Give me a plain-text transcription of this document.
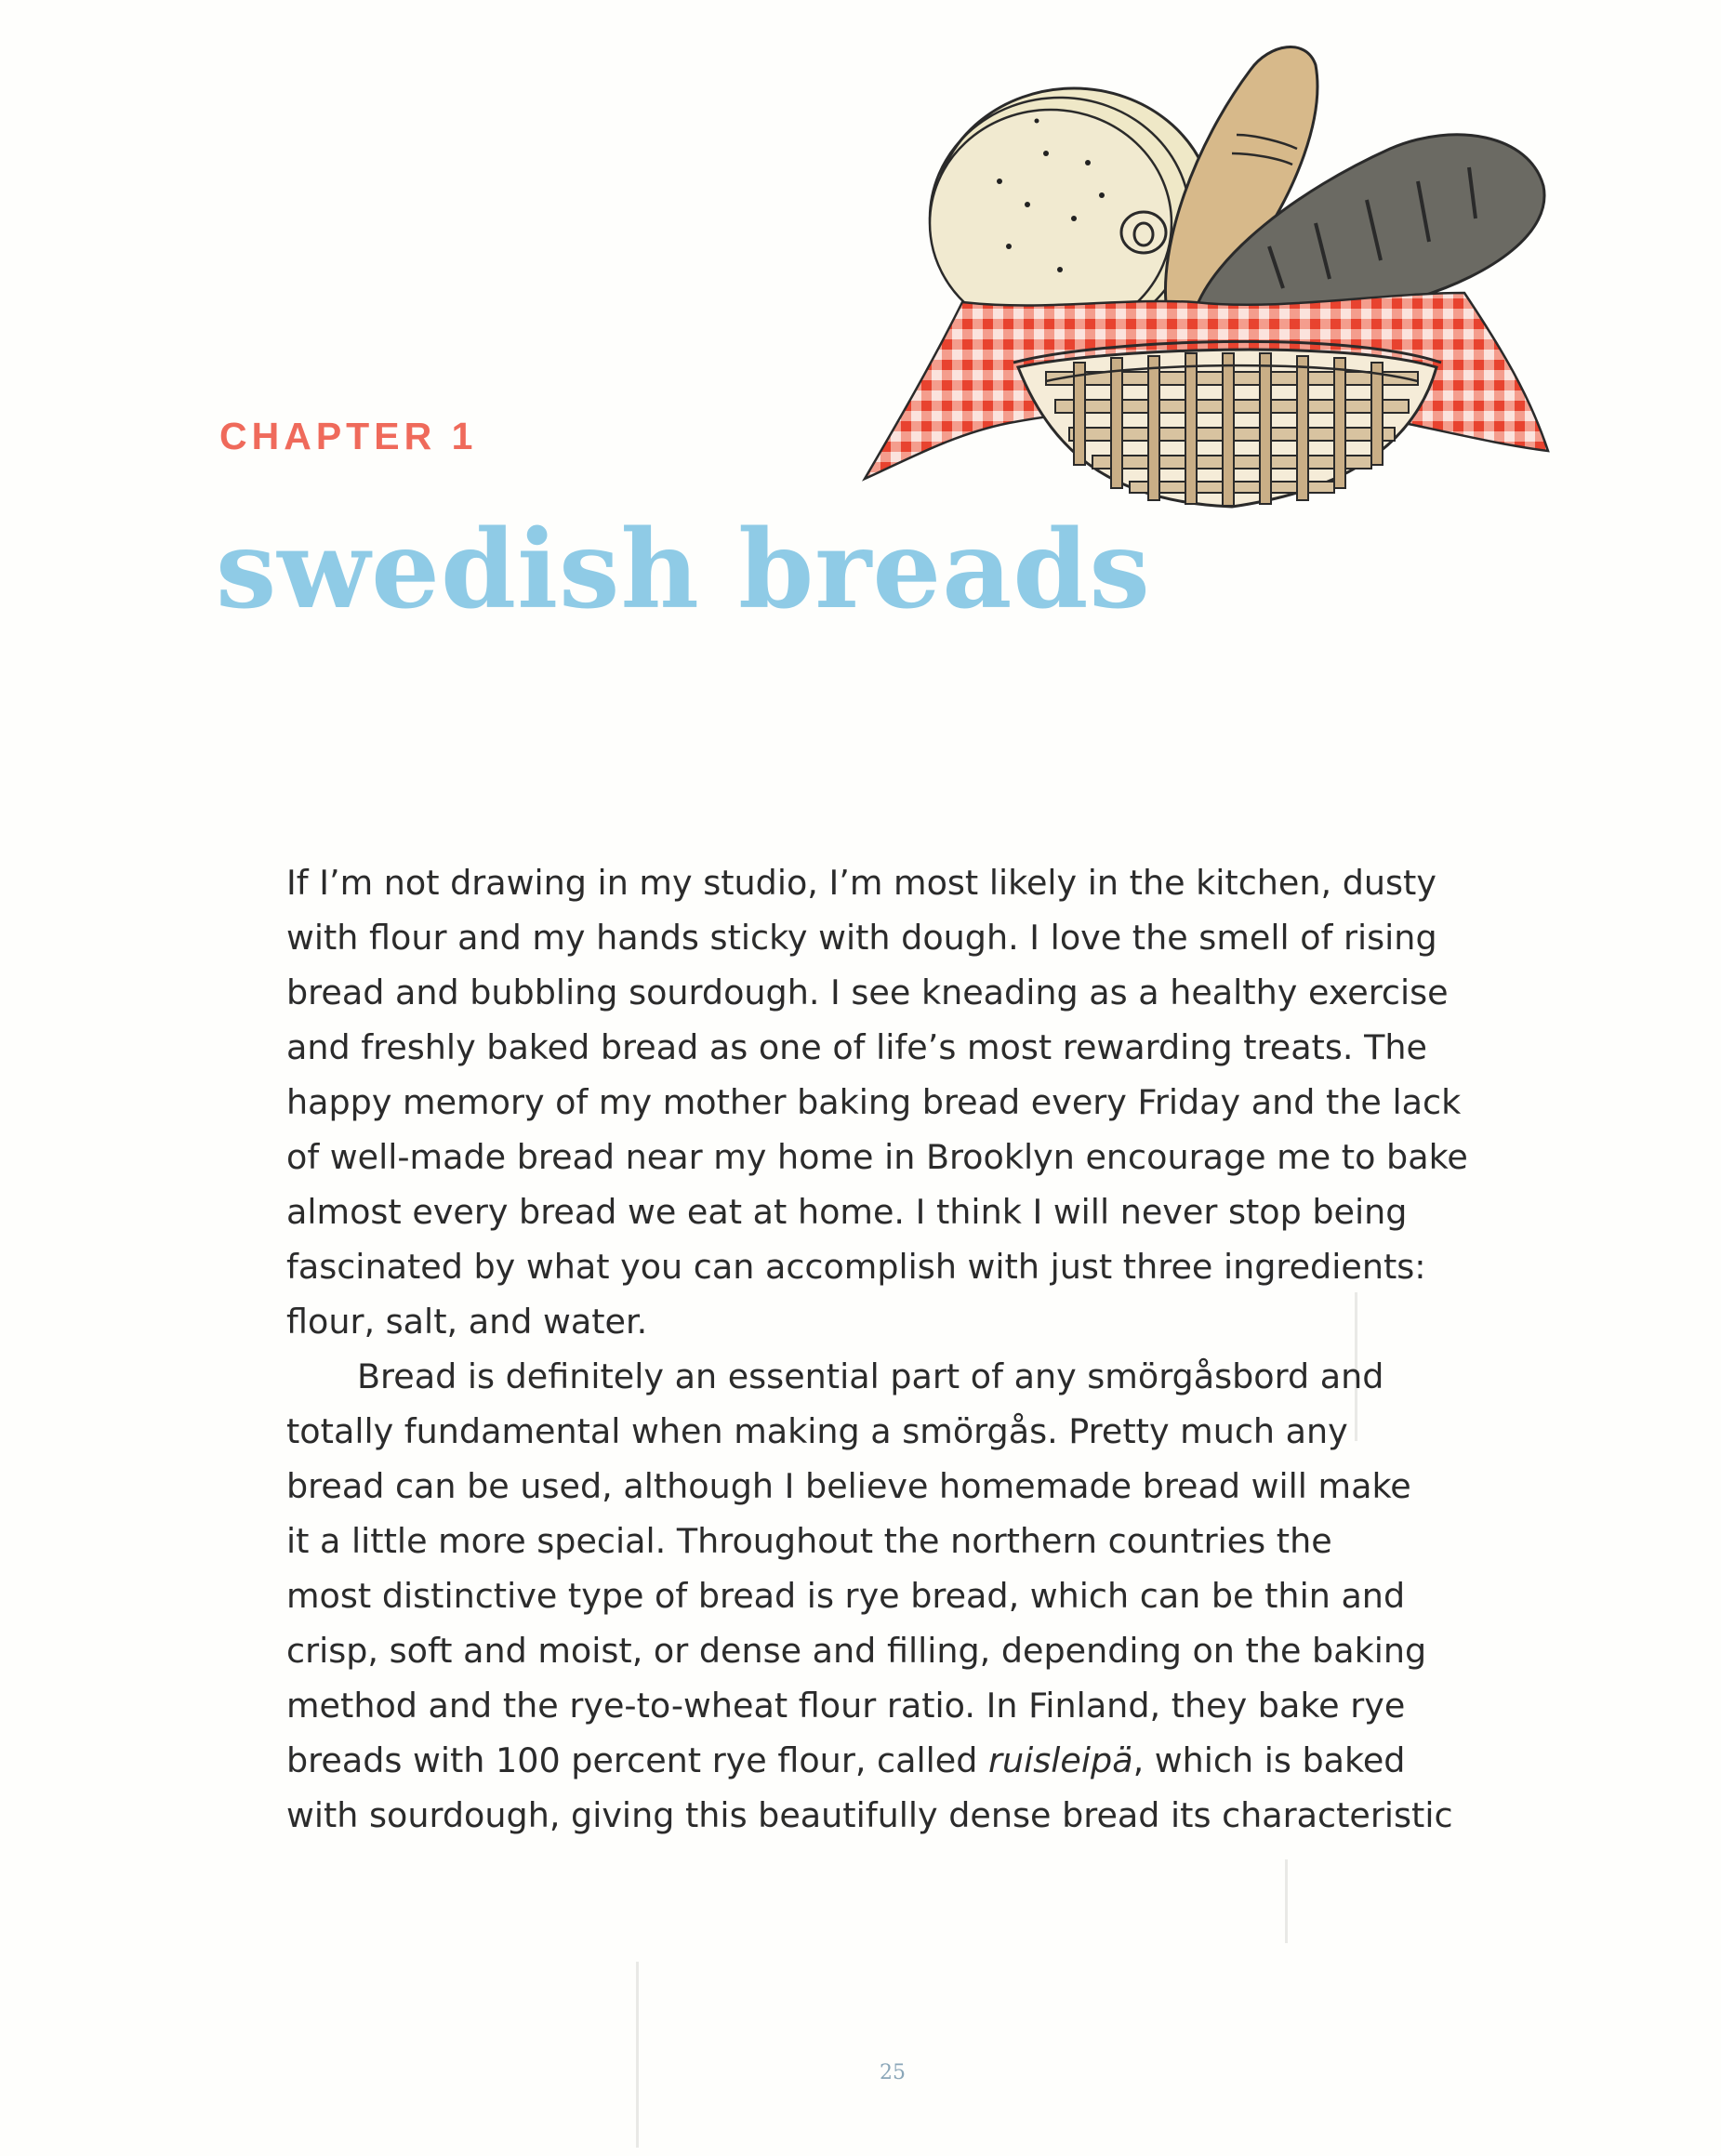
CHAPTER 1
swedish breads

If I’m not drawing in my studio, I’m most likely in the kitchen, dusty
with flour and my hands sticky with dough. I love the smell of rising
bread and bubbling sourdough. I see kneading as a healthy exercise
and freshly baked bread as one of life’s most rewarding treats. The
happy memory of my mother baking bread every Friday and the lack
of well-made bread near my home in Brooklyn encourage me to bake
almost every bread we eat at home. I think I will never stop being
fascinated by what you can accomplish with just three ingredients:
flour, salt, and water.

Bread is definitely an essential part of any smörgåsbord and
totally fundamental when making a smörgås. Pretty much any
bread can be used, although I believe homemade bread will make
it a little more special. Throughout the northern countries the
most distinctive type of bread is rye bread, which can be thin and
crisp, soft and moist, or dense and filling, depending on the baking
method and the rye-to-wheat flour ratio. In Finland, they bake rye
breads with 100 percent rye flour, called ruisleipä, which is baked
with sourdough, giving this beautifully dense bread its characteristic

25
